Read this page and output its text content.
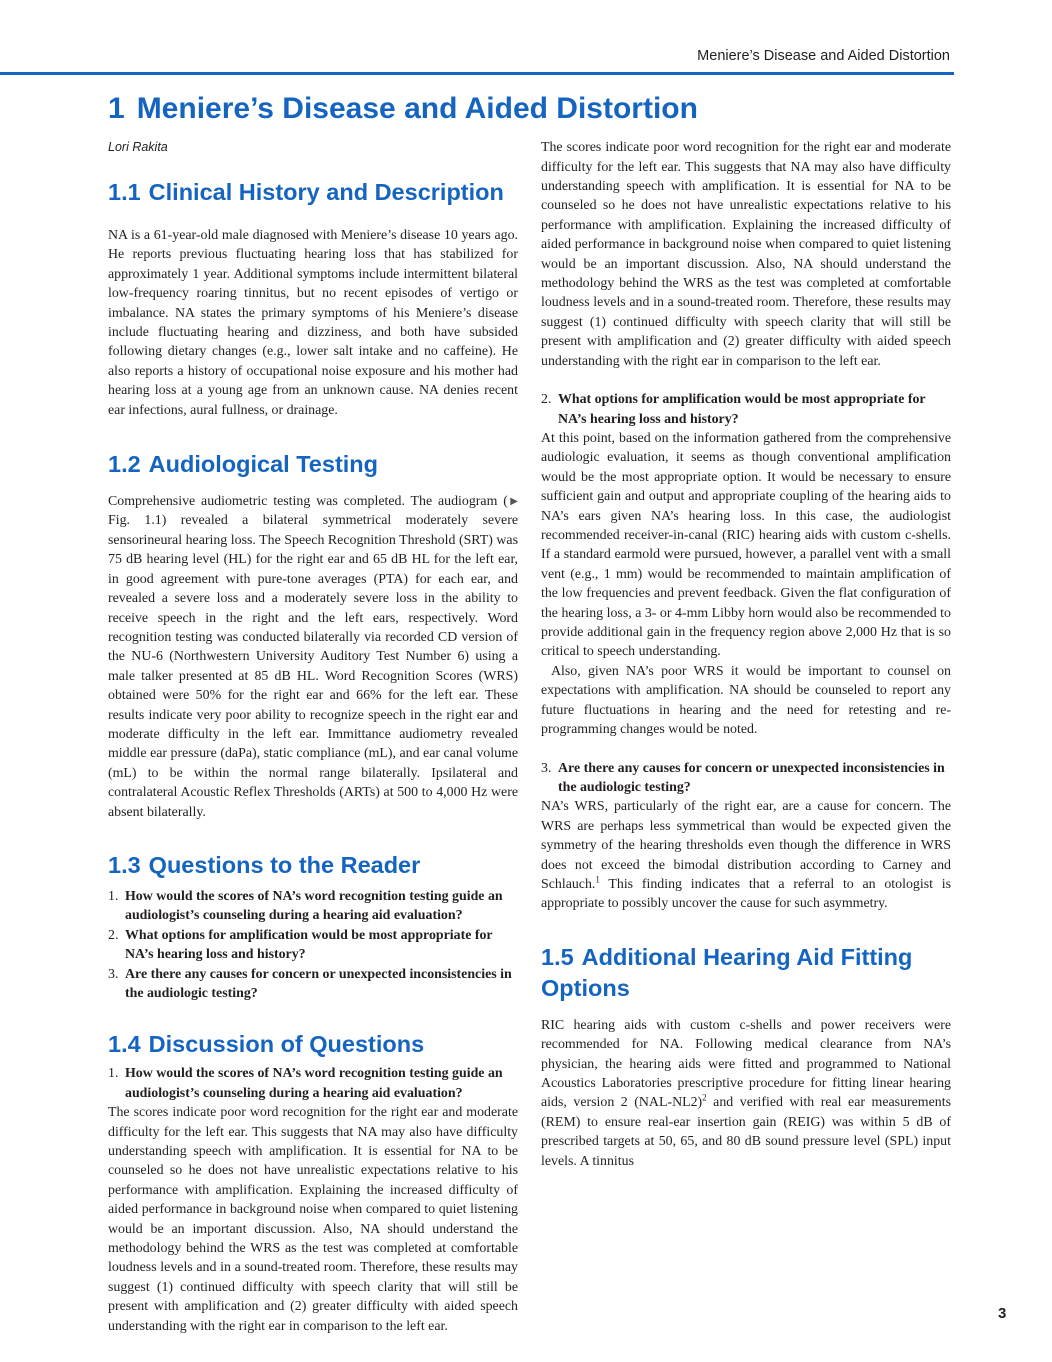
Meniere’s Disease and Aided Distortion
1 Meniere’s Disease and Aided Distortion
Lori Rakita
1.1 Clinical History and Description

NA is a 61-year-old male diagnosed with Meniere’s disease 10 years ago. He reports previous fluctuating hearing loss that has stabilized for approximately 1 year. Additional symptoms include intermittent bilateral low-frequency roaring tinnitus, but no recent episodes of vertigo or imbalance. NA states the primary symptoms of his Meniere’s disease include fluctuating hearing and dizziness, and both have subsided following dietary changes (e.g., lower salt intake and no caffeine). He also reports a history of occupational noise exposure and his mother had hearing loss at a young age from an unknown cause. NA denies recent ear infections, aural fullness, or drainage.

1.2 Audiological Testing

Comprehensive audiometric testing was completed. The audiogram (▶ Fig. 1.1) revealed a bilateral symmetrical moderately severe sensorineural hearing loss. The Speech Recognition Threshold (SRT) was 75 dB hearing level (HL) for the right ear and 65 dB HL for the left ear, in good agreement with pure-tone averages (PTA) for each ear, and revealed a severe loss and a moderately severe loss in the ability to receive speech in the right and the left ears, respectively. Word recognition testing was conducted bilaterally via recorded CD version of the NU-6 (Northwestern University Auditory Test Number 6) using a male talker presented at 85 dB HL. Word Recognition Scores (WRS) obtained were 50% for the right ear and 66% for the left ear. These results indicate very poor ability to recognize speech in the right ear and moderate difficulty in the left ear. Immittance audiometry revealed middle ear pressure (daPa), static compliance (mL), and ear canal volume (mL) to be within the normal range bilaterally. Ipsilateral and contralateral Acoustic Reflex Thresholds (ARTs) at 500 to 4,000 Hz were absent bilaterally.

1.3 Questions to the Reader
1. How would the scores of NA’s word recognition testing guide an audiologist’s counseling during a hearing aid evaluation?
2. What options for amplification would be most appropriate for NA’s hearing loss and history?
3. Are there any causes for concern or unexpected inconsistencies in the audiologic testing?
1.4 Discussion of Questions
1. How would the scores of NA’s word recognition testing guide an audiologist’s counseling during a hearing aid evaluation?

The scores indicate poor word recognition for the right ear and moderate difficulty for the left ear. This suggests that NA may also have difficulty understanding speech with amplification. It is essential for NA to be counseled so he does not have unrealistic expectations relative to his performance with amplification. Explaining the increased difficulty of aided performance in background noise when compared to quiet listening would be an important discussion. Also, NA should understand the methodology behind the WRS as the test was completed at comfortable loudness levels and in a sound-treated room. Therefore, these results may suggest (1) continued difficulty with speech clarity that will still be present with amplification and (2) greater difficulty with aided speech understanding with the right ear in comparison to the left ear.

The scores indicate poor word recognition for the right ear and moderate difficulty for the left ear. This suggests that NA may also have difficulty understanding speech with amplification. It is essential for NA to be counseled so he does not have unrealistic expectations relative to his performance with amplification. Explaining the increased difficulty of aided performance in background noise when compared to quiet listening would be an important discussion. Also, NA should understand the methodology behind the WRS as the test was completed at comfortable loudness levels and in a sound-treated room. Therefore, these results may suggest (1) continued difficulty with speech clarity that will still be present with amplification and (2) greater difficulty with aided speech understanding with the right ear in comparison to the left ear.

2. What options for amplification would be most appropriate for NA’s hearing loss and history?

At this point, based on the information gathered from the comprehensive audiologic evaluation, it seems as though conventional amplification would be the most appropriate option. It would be necessary to ensure sufficient gain and output and appropriate coupling of the hearing aids to NA’s ears given NA’s hearing loss. In this case, the audiologist recommended receiver-in-canal (RIC) hearing aids with custom c-shells. If a standard earmold were pursued, however, a parallel vent with a small vent (e.g., 1 mm) would be recommended to maintain amplification of the low frequencies and prevent feedback. Given the flat configuration of the hearing loss, a 3- or 4-mm Libby horn would also be recommended to provide additional gain in the frequency region above 2,000 Hz that is so critical to speech understanding.

Also, given NA’s poor WRS it would be important to counsel on expectations with amplification. NA should be counseled to report any future fluctuations in hearing and the need for retesting and re-programming changes would be noted.

3. Are there any causes for concern or unexpected inconsistencies in the audiologic testing?

NA’s WRS, particularly of the right ear, are a cause for concern. The WRS are perhaps less symmetrical than would be expected given the symmetry of the hearing thresholds even though the difference in WRS does not exceed the bimodal distribution according to Carney and Schlauch.$^1$ This finding indicates that a referral to an otologist is appropriate to possibly uncover the cause for such asymmetry.

1.5 Additional Hearing Aid Fitting Options

RIC hearing aids with custom c-shells and power receivers were recommended for NA. Following medical clearance from NA’s physician, the hearing aids were fitted and programmed to National Acoustics Laboratories prescriptive procedure for fitting linear hearing aids, version 2 $(NAL-NL2)^2$ and verified with real ear measurements (REM) to ensure real-ear insertion gain (REIG) was within 5 dB of prescribed targets at 50, 65, and 80 dB sound pressure level (SPL) input levels. A tinnitus

3
